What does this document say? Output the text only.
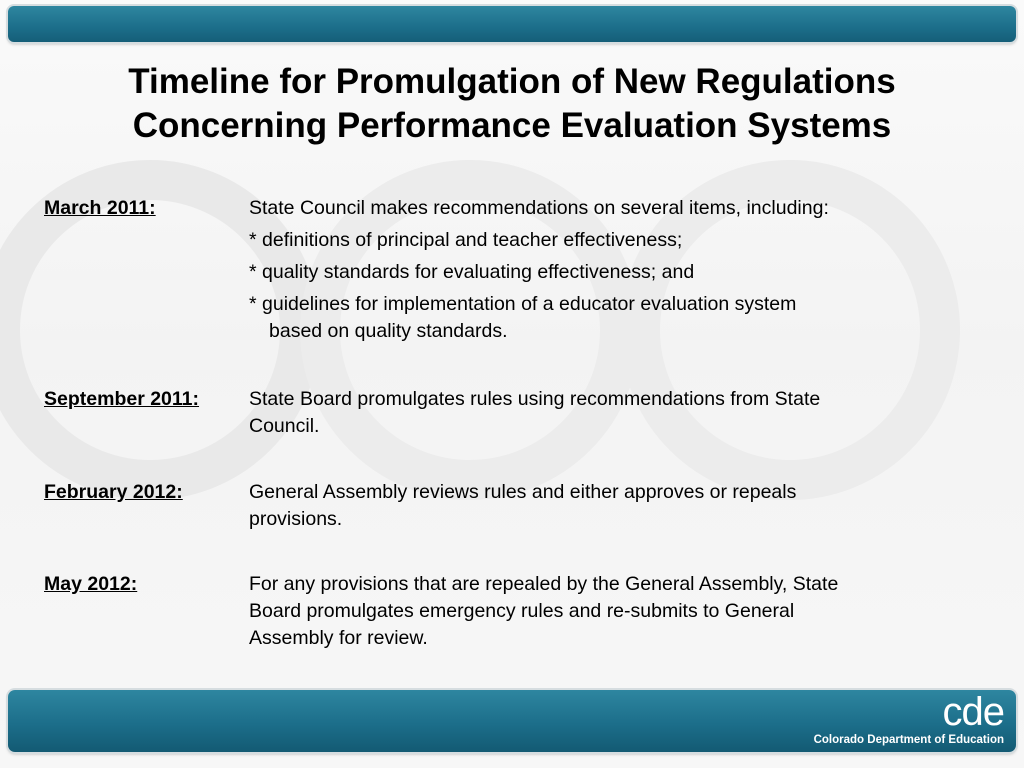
Timeline for Promulgation of New Regulations
Concerning Performance Evaluation Systems
March 2011:	State Council makes recommendations on several items, including:
* definitions of principal and teacher effectiveness;
* quality standards for evaluating effectiveness; and
* guidelines for implementation of a educator evaluation system
based on quality standards.
September 2011:	State Board promulgates rules using recommendations from State
Council.
February 2012:	General Assembly reviews rules and either approves or repeals
provisions.
May 2012:	For any provisions that are repealed by the General Assembly, State
Board promulgates emergency rules and re-submits to General
Assembly for review.
cde
Colorado Department of Education
